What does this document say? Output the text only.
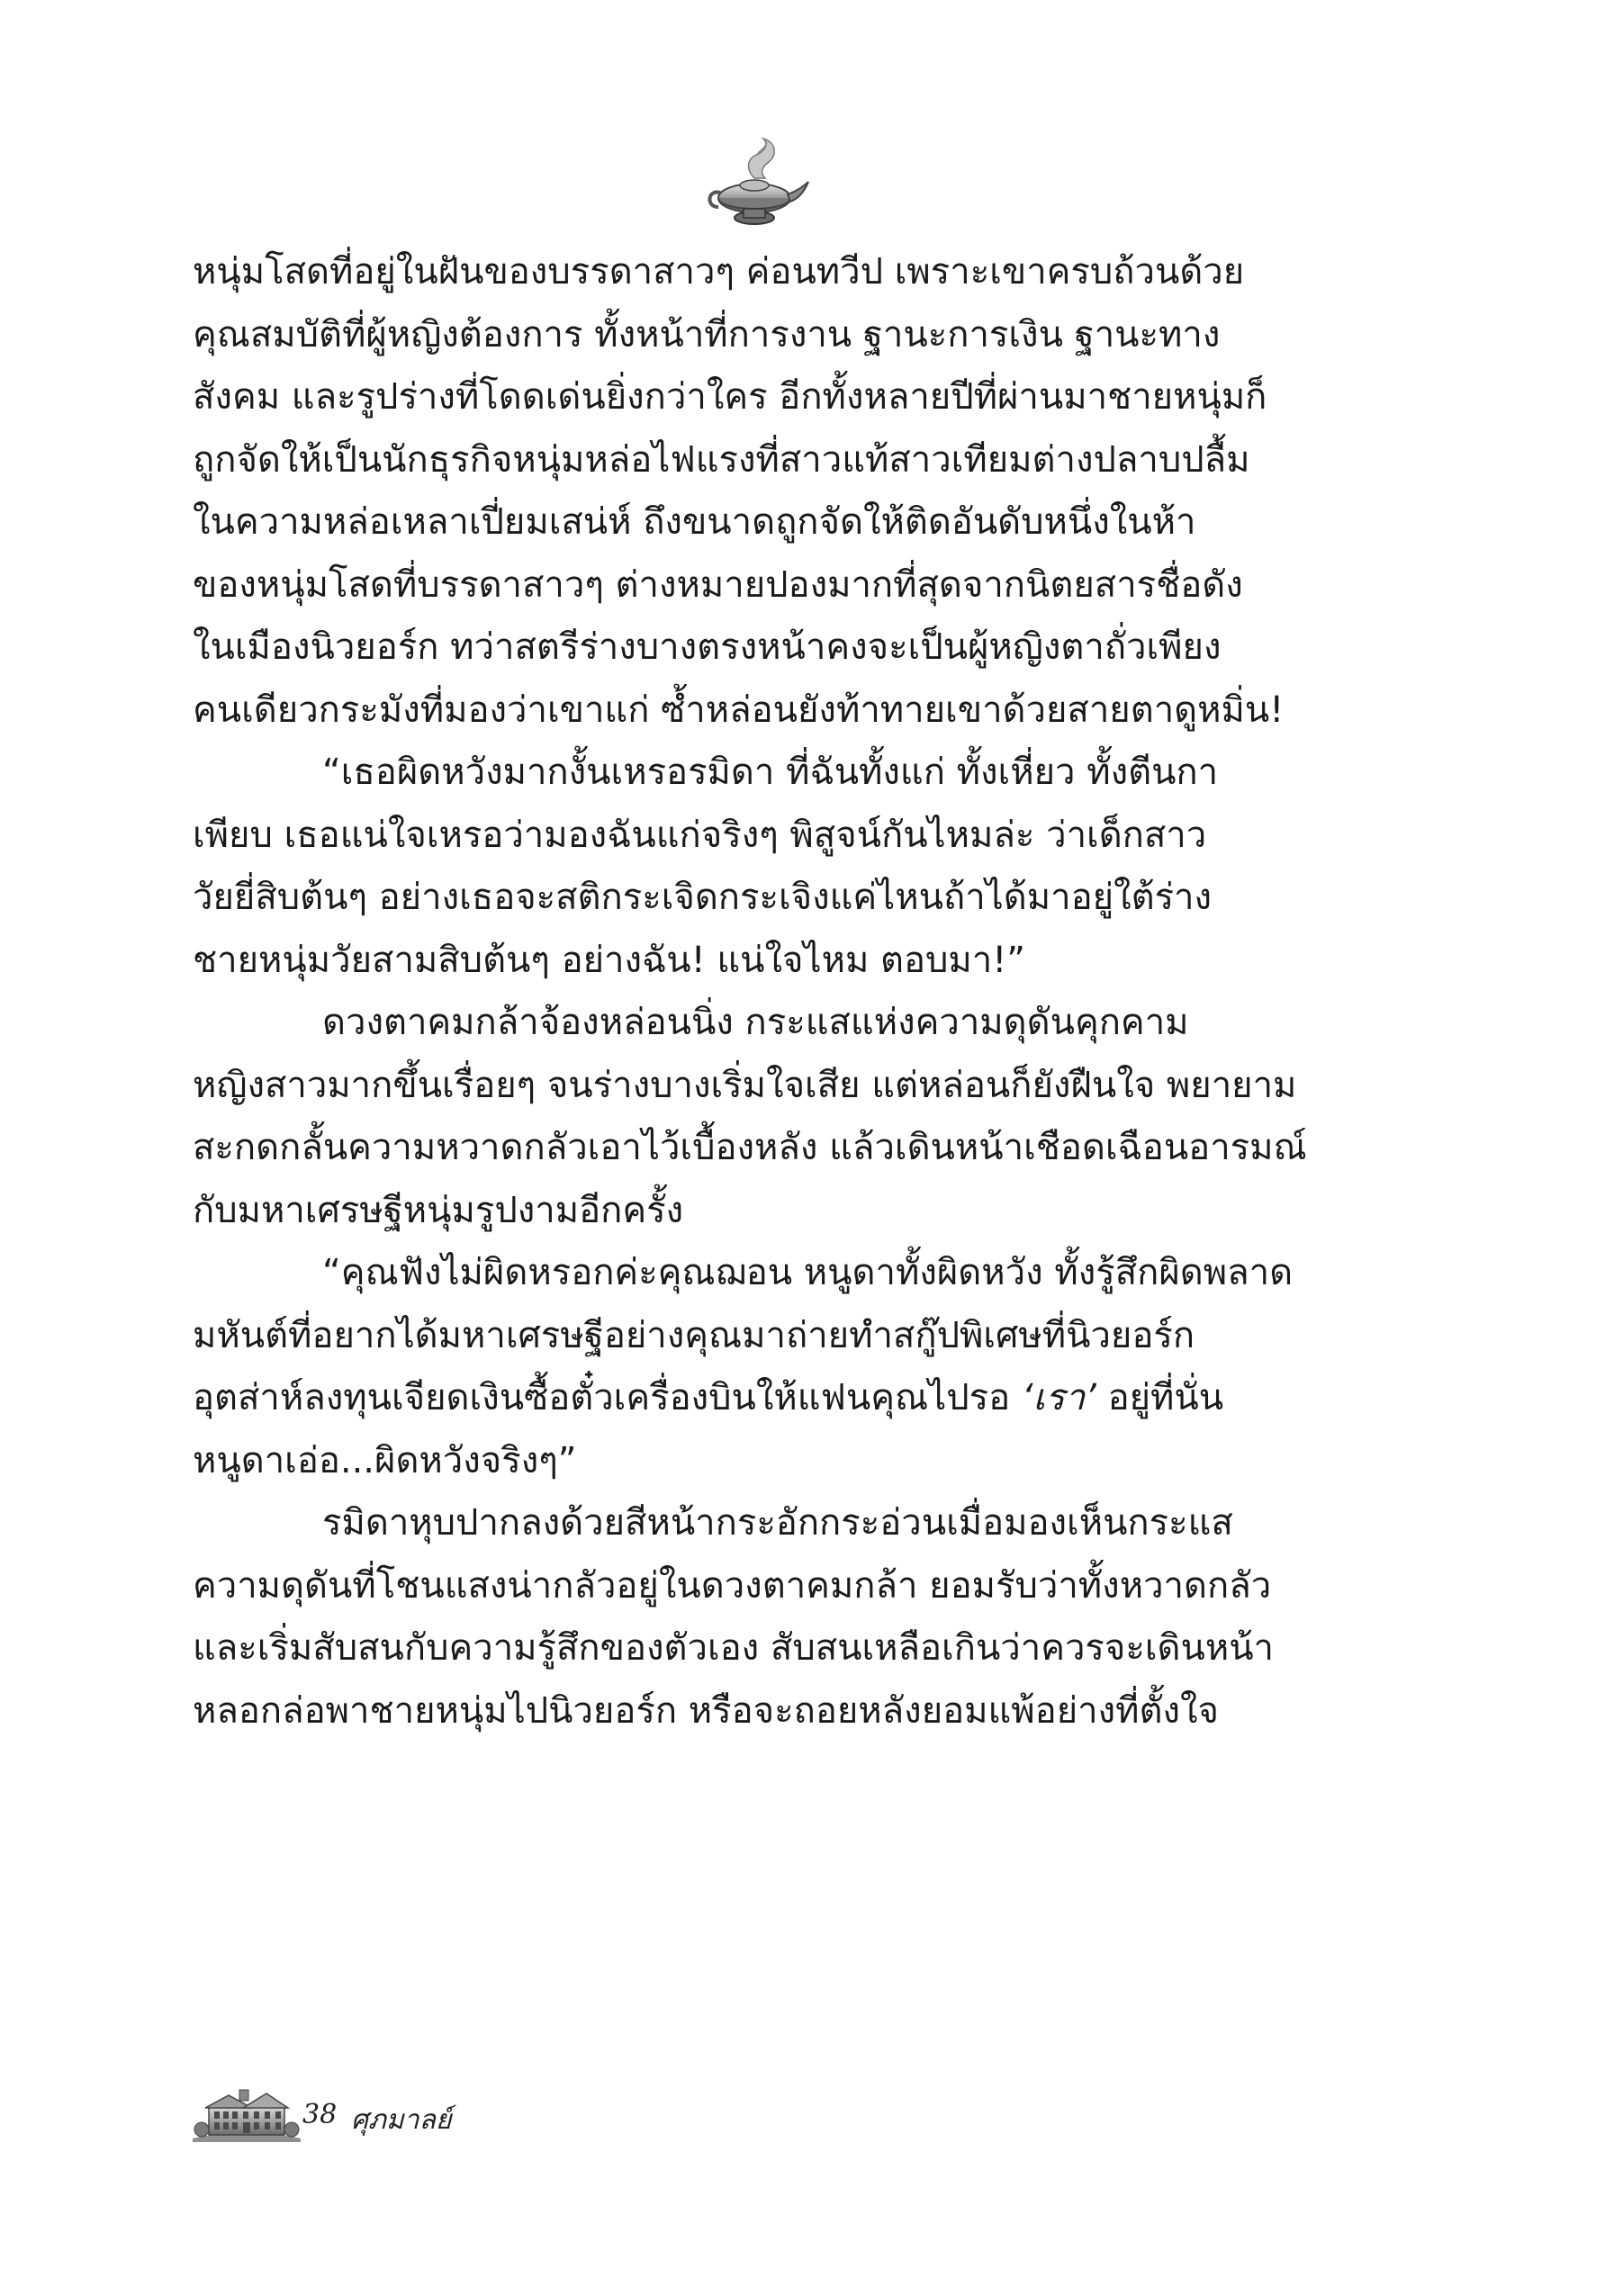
หนุ่มโสดที่อยู่ในฝันของบรรดาสาวๆ ค่อนทวีป เพราะเขาครบถ้วนด้วย
คุณสมบัติที่ผู้หญิงต้องการ ทั้งหน้าที่การงาน ฐานะการเงิน ฐานะทาง
สังคม และรูปร่างที่โดดเด่นยิ่งกว่าใคร อีกทั้งหลายปีที่ผ่านมาชายหนุ่มก็
ถูกจัดให้เป็นนักธุรกิจหนุ่มหล่อไฟแรงที่สาวแท้สาวเทียมต่างปลาบปลื้ม
ในความหล่อเหลาเปี่ยมเสน่ห์ ถึงขนาดถูกจัดให้ติดอันดับหนึ่งในห้า
ของหนุ่มโสดที่บรรดาสาวๆ ต่างหมายปองมากที่สุดจากนิตยสารชื่อดัง
ในเมืองนิวยอร์ก ทว่าสตรีร่างบางตรงหน้าคงจะเป็นผู้หญิงตาถั่วเพียง
คนเดียวกระมังที่มองว่าเขาแก่ ซ้ำหล่อนยังท้าทายเขาด้วยสายตาดูหมิ่น!
“เธอผิดหวังมากงั้นเหรอรมิดา ที่ฉันทั้งแก่ ทั้งเหี่ยว ทั้งตีนกา
เพียบ เธอแน่ใจเหรอว่ามองฉันแก่จริงๆ พิสูจน์กันไหมล่ะ ว่าเด็กสาว
วัยยี่สิบต้นๆ อย่างเธอจะสติกระเจิดกระเจิงแค่ไหนถ้าได้มาอยู่ใต้ร่าง
ชายหนุ่มวัยสามสิบต้นๆ อย่างฉัน! แน่ใจไหม ตอบมา!”
ดวงตาคมกล้าจ้องหล่อนนิ่ง กระแสแห่งความดุดันคุกคาม
หญิงสาวมากขึ้นเรื่อยๆ จนร่างบางเริ่มใจเสีย แต่หล่อนก็ยังฝืนใจ พยายาม
สะกดกลั้นความหวาดกลัวเอาไว้เบื้องหลัง แล้วเดินหน้าเชือดเฉือนอารมณ์
กับมหาเศรษฐีหนุ่มรูปงามอีกครั้ง
“คุณฟังไม่ผิดหรอกค่ะคุณฌอน หนูดาทั้งผิดหวัง ทั้งรู้สึกผิดพลาด
มหันต์ที่อยากได้มหาเศรษฐีอย่างคุณมาถ่ายทำสกู๊ปพิเศษที่นิวยอร์ก
อุตส่าห์ลงทุนเจียดเงินซื้อตั๋วเครื่องบินให้แฟนคุณไปรอ ‘เรา’ อยู่ที่นั่น
หนูดาเอ่อ...ผิดหวังจริงๆ”
รมิดาหุบปากลงด้วยสีหน้ากระอักกระอ่วนเมื่อมองเห็นกระแส
ความดุดันที่โชนแสงน่ากลัวอยู่ในดวงตาคมกล้า ยอมรับว่าทั้งหวาดกลัว
และเริ่มสับสนกับความรู้สึกของตัวเอง สับสนเหลือเกินว่าควรจะเดินหน้า
หลอกล่อพาชายหนุ่มไปนิวยอร์ก หรือจะถอยหลังยอมแพ้อย่างที่ตั้งใจ
38 ศุภมาลย์
